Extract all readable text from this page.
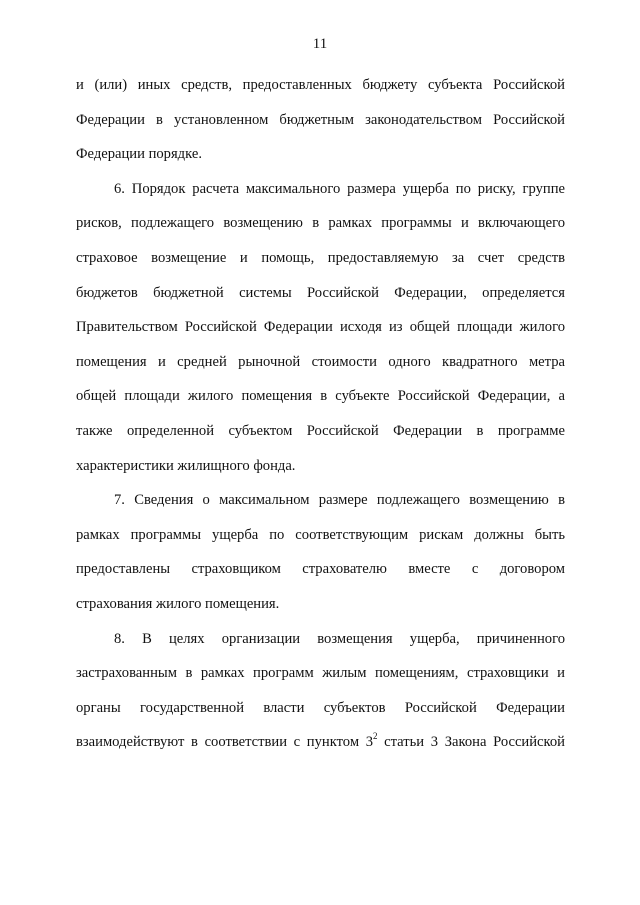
11
и (или) иных средств, предоставленных бюджету субъекта Российской
Федерации в установленном бюджетным законодательством Российской
Федерации порядке.
6. Порядок расчета максимального размера ущерба по риску, группе
рисков, подлежащего возмещению в рамках программы и включающего
страховое возмещение и помощь, предоставляемую за счет средств
бюджетов бюджетной системы Российской Федерации, определяется
Правительством Российской Федерации исходя из общей площади жилого
помещения и средней рыночной стоимости одного квадратного метра
общей площади жилого помещения в субъекте Российской Федерации, а
также определенной субъектом Российской Федерации в программе
характеристики жилищного фонда.
7. Сведения о максимальном размере подлежащего возмещению в
рамках программы ущерба по соответствующим рискам должны быть
предоставлены страховщиком страхователю вместе с договором
страхования жилого помещения.
8. В целях организации возмещения ущерба, причиненного
застрахованным в рамках программ жилым помещениям, страховщики и
органы государственной власти субъектов Российской Федерации
взаимодействуют в соответствии с пунктом $3^2$ статьи 3 Закона Российской
